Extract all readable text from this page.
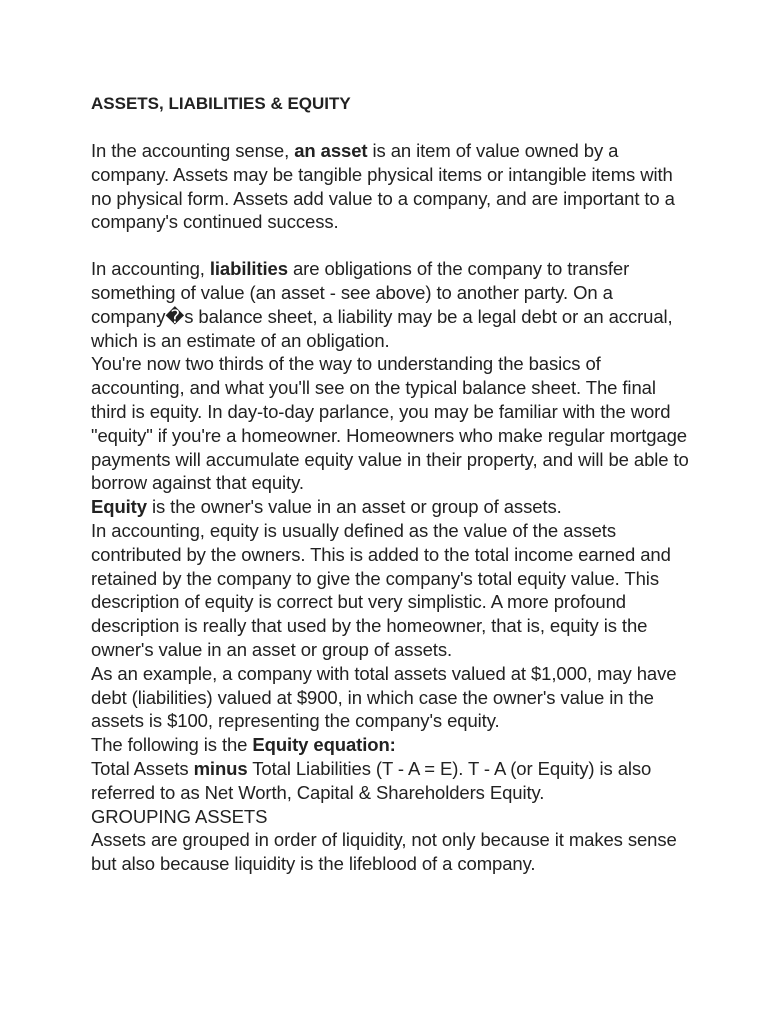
ASSETS, LIABILITIES & EQUITY

In the accounting sense, an asset is an item of value owned by a company. Assets may be tangible physical items or intangible items with no physical form. Assets add value to a company, and are important to a company's continued success.

In accounting, liabilities are obligations of the company to transfer something of value (an asset - see above) to another party. On a company�s balance sheet, a liability may be a legal debt or an accrual, which is an estimate of an obligation.

You're now two thirds of the way to understanding the basics of accounting, and what you'll see on the typical balance sheet. The final third is equity. In day-to-day parlance, you may be familiar with the word "equity" if you're a homeowner. Homeowners who make regular mortgage payments will accumulate equity value in their property, and will be able to borrow against that equity.

Equity is the owner's value in an asset or group of assets.

In accounting, equity is usually defined as the value of the assets contributed by the owners. This is added to the total income earned and retained by the company to give the company's total equity value. This description of equity is correct but very simplistic. A more profound description is really that used by the homeowner, that is, equity is the owner's value in an asset or group of assets.

As an example, a company with total assets valued at $1,000, may have debt (liabilities) valued at $900, in which case the owner's value in the assets is $100, representing the company's equity.

The following is the Equity equation:

Total Assets minus Total Liabilities (T - A = E). T - A (or Equity) is also referred to as Net Worth, Capital & Shareholders Equity.

GROUPING ASSETS

Assets are grouped in order of liquidity, not only because it makes sense but also because liquidity is the lifeblood of a company.
